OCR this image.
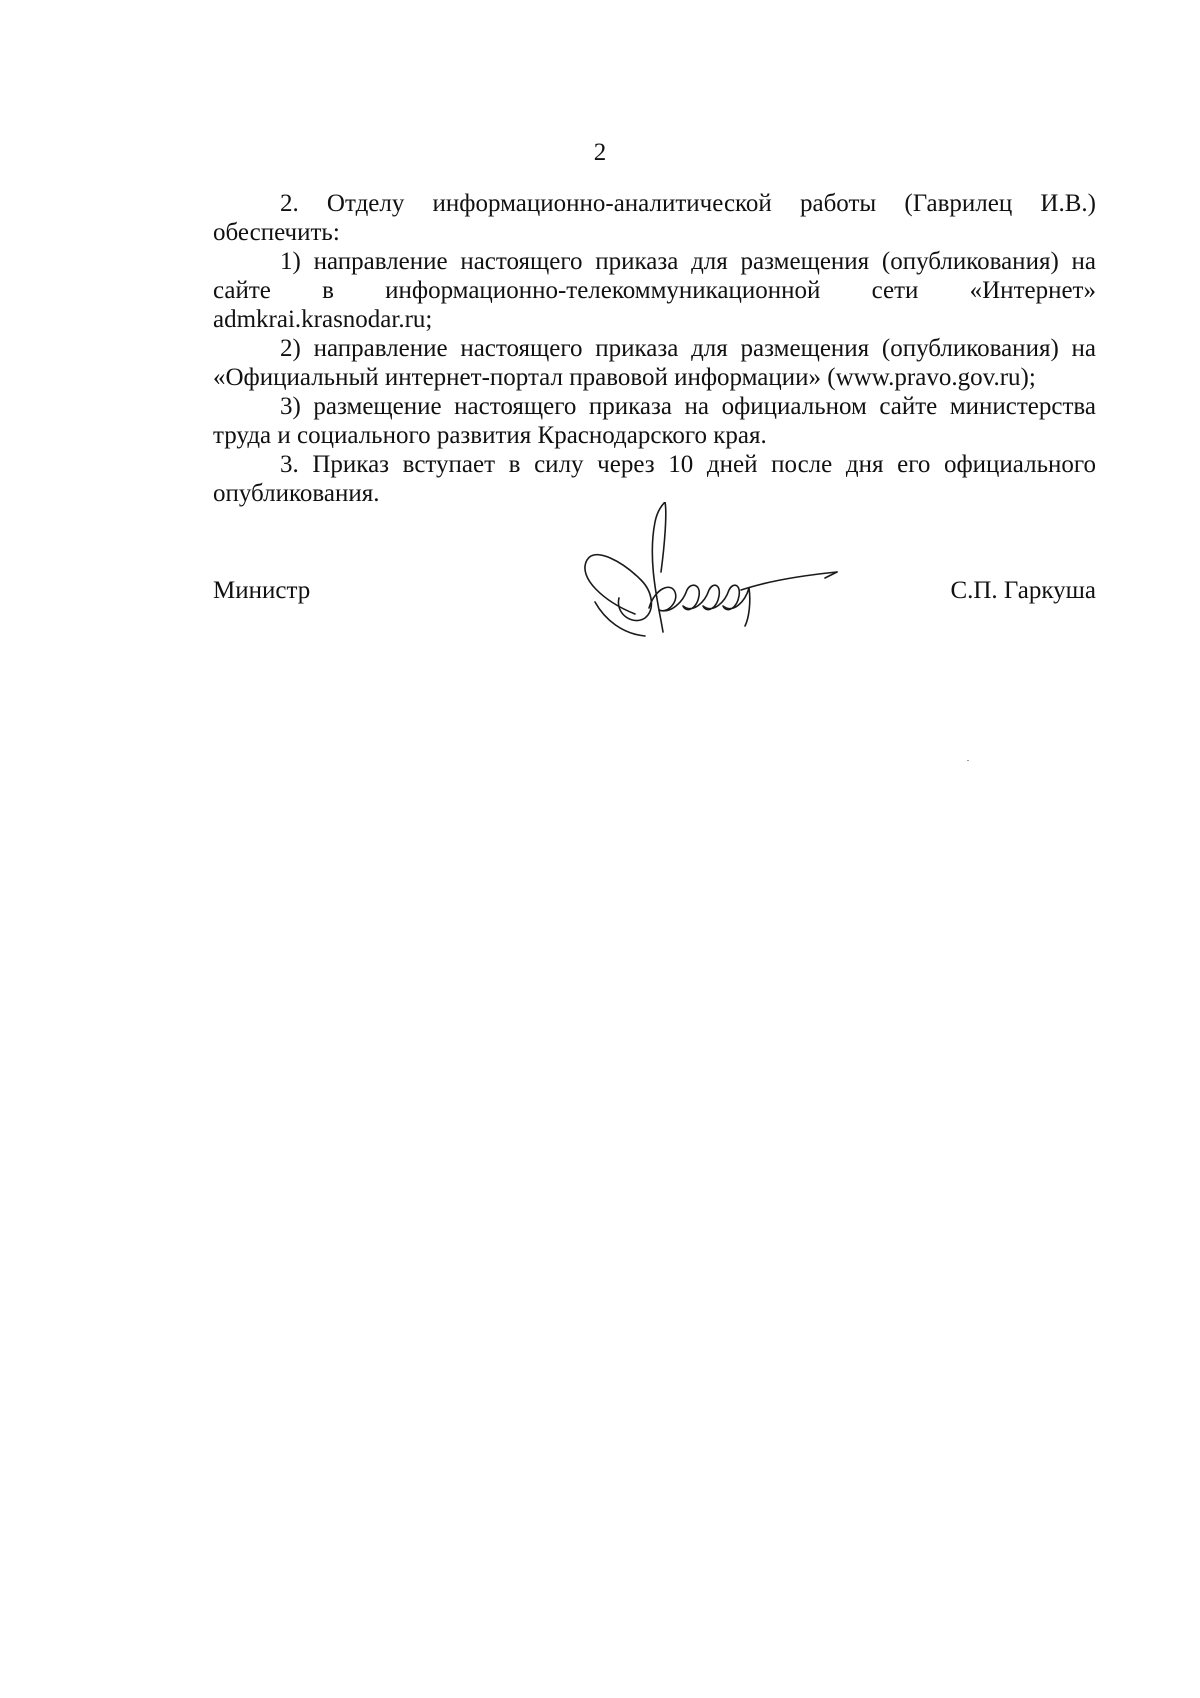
2

2. Отделу информационно-аналитической работы (Гаврилец И.В.) обеспечить:

1) направление настоящего приказа для размещения (опубликования) на сайте в информационно-телекоммуникационной сети «Интернет» admkrai.krasnodar.ru;

2) направление настоящего приказа для размещения (опубликования) на «Официальный интернет-портал правовой информации» (www.pravo.gov.ru);

3) размещение настоящего приказа на официальном сайте министерства труда и социального развития Краснодарского края.

3. Приказ вступает в силу через 10 дней после дня его официального опубликования.

Министр	С.П. Гаркуша
